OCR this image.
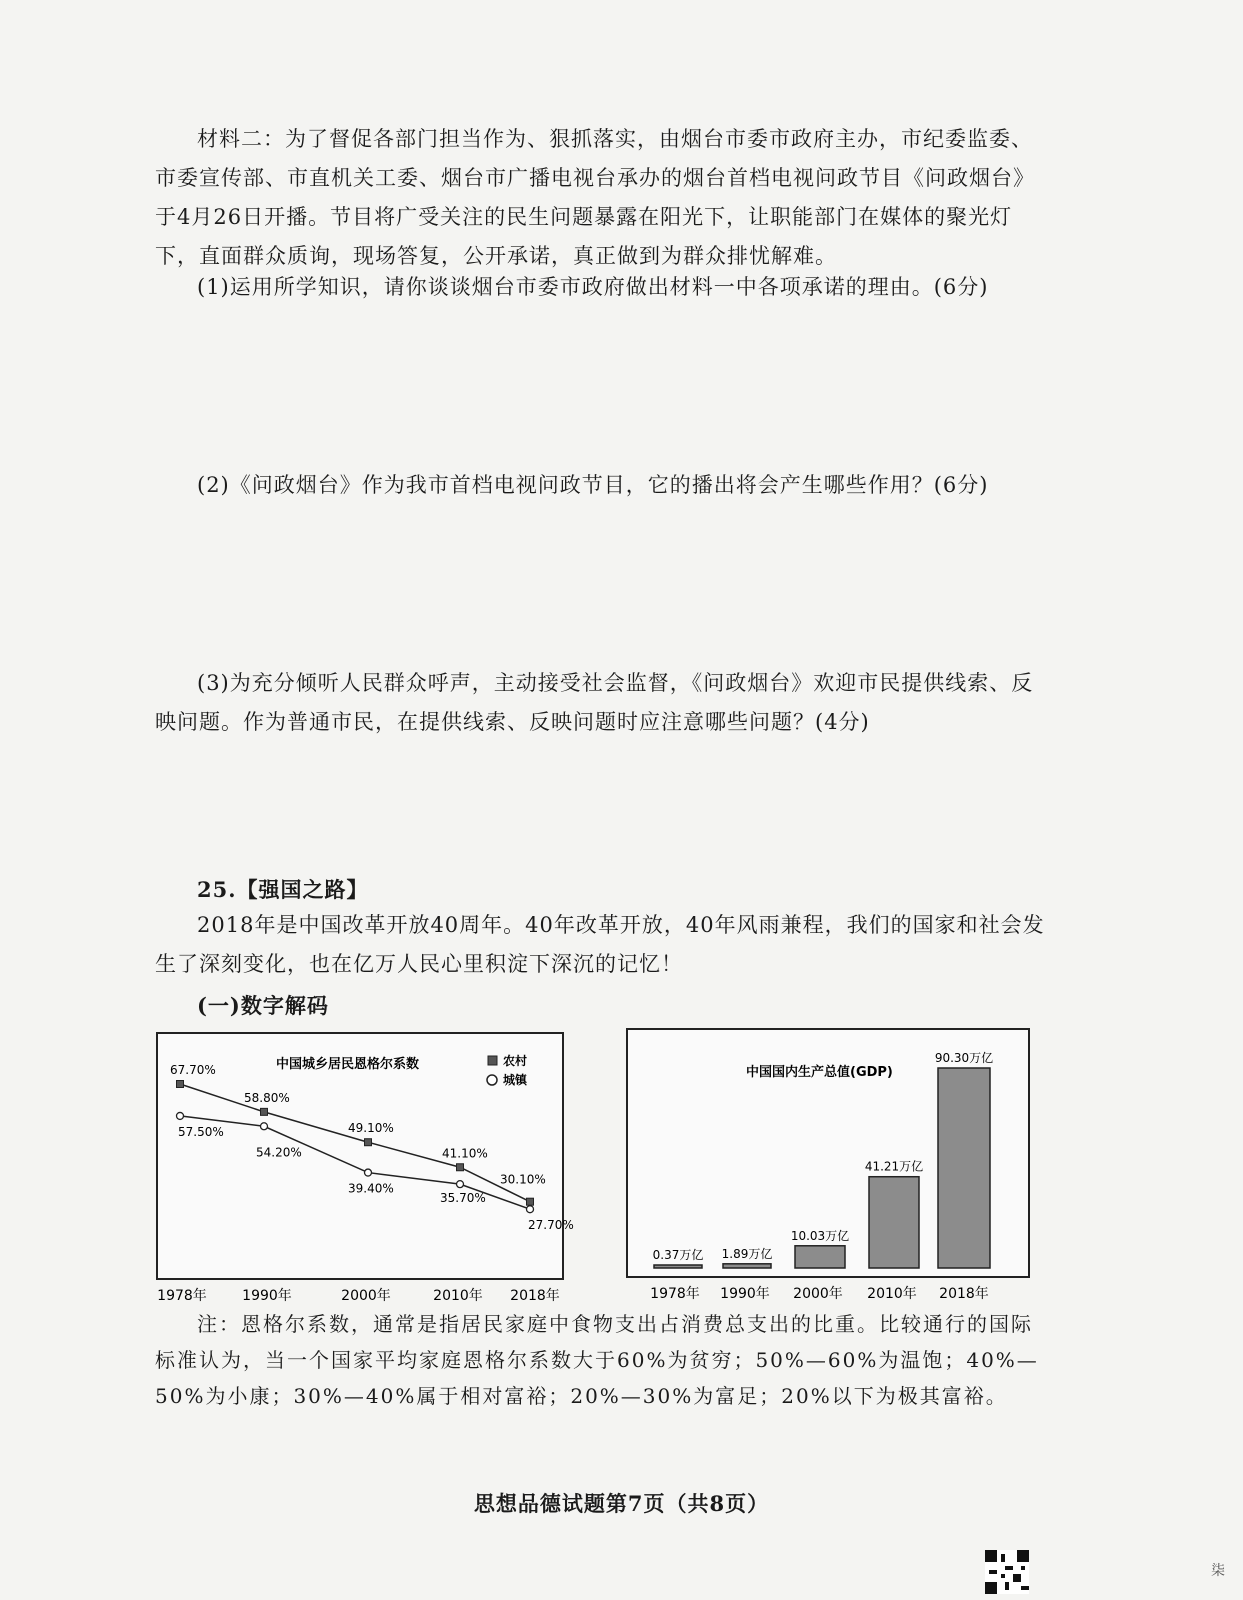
材料二：为了督促各部门担当作为、狠抓落实，由烟台市委市政府主办，市纪委监委、市委宣传部、市直机关工委、烟台市广播电视台承办的烟台首档电视问政节目《问政烟台》于4月26日开播。节目将广受关注的民生问题暴露在阳光下，让职能部门在媒体的聚光灯下，直面群众质询，现场答复，公开承诺，真正做到为群众排忧解难。

(1)运用所学知识，请你谈谈烟台市委市政府做出材料一中各项承诺的理由。(6分)

(2)《问政烟台》作为我市首档电视问政节目，它的播出将会产生哪些作用？(6分)

(3)为充分倾听人民群众呼声，主动接受社会监督，《问政烟台》欢迎市民提供线索、反映问题。作为普通市民，在提供线索、反映问题时应注意哪些问题？(4分)

25.【强国之路】

2018年是中国改革开放40周年。40年改革开放，40年风雨兼程，我们的国家和社会发生了深刻变化，也在亿万人民心里积淀下深沉的记忆！

(一)数字解码
中国城乡居民恩格尔系数	农村
城镇
67.70%
58.80%
49.10%
41.10%
30.10%
57.50%
54.20%
39.40%
35.70%
27.70%
1978年	1990年	2000年	2010年 2018年
中国国内生产总值(GDP)
0.37万亿 1.89万亿
10.03万亿
41.21万亿
90.30万亿
1978年 1990年 2000年 2010年 2018年

注：恩格尔系数，通常是指居民家庭中食物支出占消费总支出的比重。比较通行的国际标准认为，当一个国家平均家庭恩格尔系数大于60%为贫穷；50%—60%为温饱；40%—50%为小康；30%—40%属于相对富裕；20%—30%为富足；20%以下为极其富裕。

思想品德试题第7页（共8页）
柒
